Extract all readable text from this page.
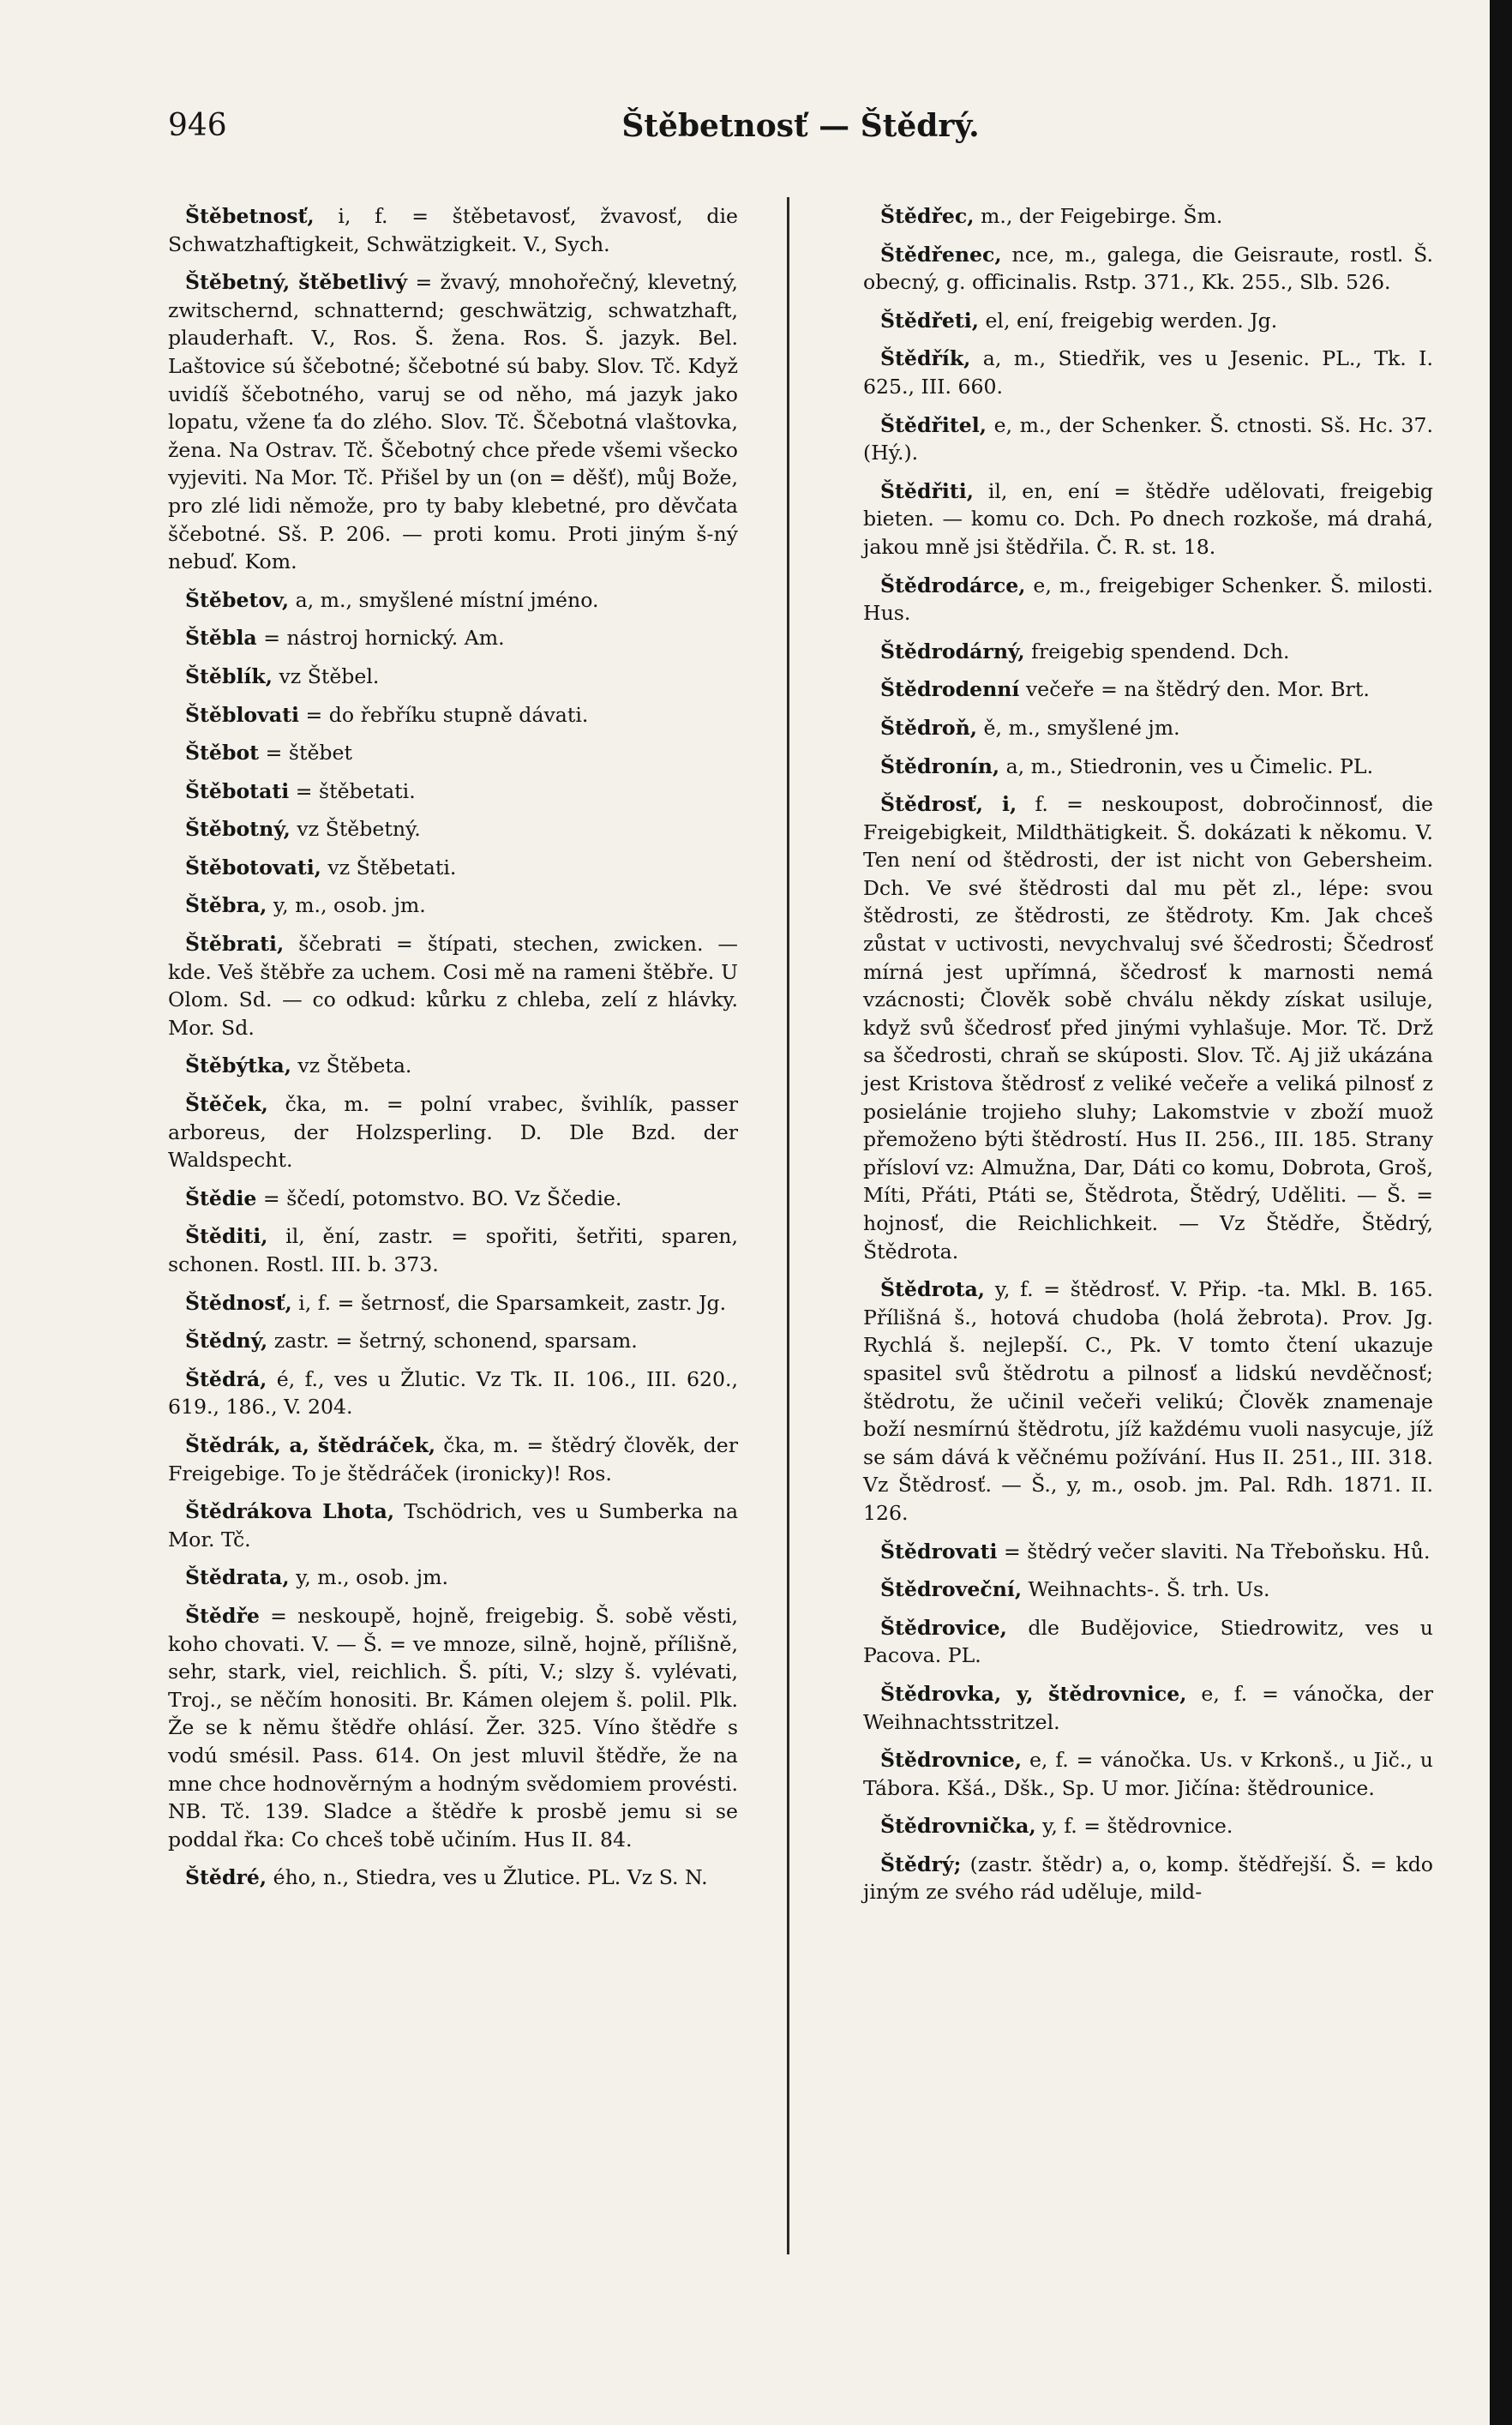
946	Štěbetnosť — Štědrý.

Štěbetnosť, i, f. = štěbetavosť, žvavosť, die Schwatzhaftigkeit, Schwätzigkeit. V., Sych.

Štěbetný, štěbetlivý = žvavý, mnohořečný, klevetný, zwitschernd, schnatternd; geschwätzig, schwatzhaft, plauderhaft. V., Ros. Š. žena. Ros. Š. jazyk. Bel. Laštovice sú ščebotné; ščebotné sú baby. Slov. Tč. Když uvidíš ščebotného, varuj se od něho, má jazyk jako lopatu, vžene ťa do zlého. Slov. Tč. Ščebotná vlaštovka, žena. Na Ostrav. Tč. Ščebotný chce přede všemi všecko vyjeviti. Na Mor. Tč. Přišel by un (on = děšť), můj Bože, pro zlé lidi němože, pro ty baby klebetné, pro děvčata ščebotné. Sš. P. 206. — proti komu. Proti jiným š-ný nebuď. Kom.

Štěbetov, a, m., smyšlené místní jméno.

Štěbla = nástroj hornický. Am.

Štěblík, vz Štěbel.

Štěblovati = do řebříku stupně dávati.

Štěbot = štěbet

Štěbotati = štěbetati.

Štěbotný, vz Štěbetný.

Štěbotovati, vz Štěbetati.

Štěbra, y, m., osob. jm.

Štěbrati, ščebrati = štípati, stechen, zwicken. — kde. Veš štěbře za uchem. Cosi mě na rameni štěbře. U Olom. Sd. — co odkud: kůrku z chleba, zelí z hlávky. Mor. Sd.

Štěbýtka, vz Štěbeta.

Štěček, čka, m. = polní vrabec, švihlík, passer arboreus, der Holzsperling. D. Dle Bzd. der Waldspecht.

Štědie = ščedí, potomstvo. BO. Vz Ščedie.

Štěditi, il, ění, zastr. = spořiti, šetřiti, sparen, schonen. Rostl. III. b. 373.

Štědnosť, i, f. = šetrnosť, die Sparsamkeit, zastr. Jg.

Štědný, zastr. = šetrný, schonend, sparsam.

Štědrá, é, f., ves u Žlutic. Vz Tk. II. 106., III. 620., 619., 186., V. 204.

Štědrák, a, štědráček, čka, m. = štědrý člověk, der Freigebige. To je štědráček (ironicky)! Ros.

Štědrákova Lhota, Tschödrich, ves u Sumberka na Mor. Tč.

Štědrata, y, m., osob. jm.

Štědře = neskoupě, hojně, freigebig. Š. sobě věsti, koho chovati. V. — Š. = ve mnoze, silně, hojně, přílišně, sehr, stark, viel, reichlich. Š. píti, V.; slzy š. vylévati, Troj., se něčím honositi. Br. Kámen olejem š. polil. Plk. Že se k němu štědře ohlásí. Žer. 325. Víno štědře s vodú smésil. Pass. 614. On jest mluvil štědře, že na mne chce hodnověrným a hodným svědomiem provésti. NB. Tč. 139. Sladce a štědře k prosbě jemu si se poddal řka: Co chceš tobě učiním. Hus II. 84.

Štědré, ého, n., Stiedra, ves u Žlutice. PL. Vz S. N.

Štědřec, m., der Feigebirge. Šm.

Štědřenec, nce, m., galega, die Geisraute, rostl. Š. obecný, g. officinalis. Rstp. 371., Kk. 255., Slb. 526.

Štědřeti, el, ení, freigebig werden. Jg.

Štědřík, a, m., Stiedřik, ves u Jesenic. PL., Tk. I. 625., III. 660.

Štědřitel, e, m., der Schenker. Š. ctnosti. Sš. Hc. 37. (Hý.).

Štědřiti, il, en, ení = štědře udělovati, freigebig bieten. — komu co. Dch. Po dnech rozkoše, má drahá, jakou mně jsi štědřila. Č. R. st. 18.

Štědrodárce, e, m., freigebiger Schenker. Š. milosti. Hus.

Štědrodárný, freigebig spendend. Dch.

Štědrodenní večeře = na štědrý den. Mor. Brt.

Štědroň, ě, m., smyšlené jm.

Štědronín, a, m., Stiedronin, ves u Čimelic. PL.

Štědrosť, i, f. = neskoupost, dobročinnosť, die Freigebigkeit, Mildthätigkeit. Š. dokázati k někomu. V. Ten není od štědrosti, der ist nicht von Gebersheim. Dch. Ve své štědrosti dal mu pět zl., lépe: svou štědrosti, ze štědrosti, ze štědroty. Km. Jak chceš zůstat v uctivosti, nevychvaluj své ščedrosti; Ščedrosť mírná jest upřímná, ščedrosť k marnosti nemá vzácnosti; Člověk sobě chválu někdy získat usiluje, když svů ščedrosť před jinými vyhlašuje. Mor. Tč. Drž sa ščedrosti, chraň se skúposti. Slov. Tč. Aj již ukázána jest Kristova štědrosť z veliké večeře a veliká pilnosť z posielánie trojieho sluhy; Lakomstvie v zboží muož přemoženo býti štědrostí. Hus II. 256., III. 185. Strany přísloví vz: Almužna, Dar, Dáti co komu, Dobrota, Groš, Míti, Přáti, Ptáti se, Štědrota, Štědrý, Uděliti. — Š. = hojnosť, die Reichlichkeit. — Vz Štědře, Štědrý, Štědrota.

Štědrota, y, f. = štědrosť. V. Přip. -ta. Mkl. B. 165. Přílišná š., hotová chudoba (holá žebrota). Prov. Jg. Rychlá š. nejlepší. C., Pk. V tomto čtení ukazuje spasitel svů štědrotu a pilnosť a lidskú nevděčnosť; štědrotu, že učinil večeři velikú; Člověk znamenaje boží nesmírnú štědrotu, jíž každému vuoli nasycuje, jíž se sám dává k věčnému požívání. Hus II. 251., III. 318. Vz Štědrosť. — Š., y, m., osob. jm. Pal. Rdh. 1871. II. 126.

Štědrovati = štědrý večer slaviti. Na Třeboňsku. Hů.

Štědroveční, Weihnachts-. Š. trh. Us.

Štědrovice, dle Budějovice, Stiedrowitz, ves u Pacova. PL.

Štědrovka, y, štědrovnice, e, f. = vánočka, der Weihnachtsstritzel.

Štědrovnice, e, f. = vánočka. Us. v Krkonš., u Jič., u Tábora. Kšá., Dšk., Sp. U mor. Jičína: štědrounice.

Štědrovnička, y, f. = štědrovnice.

Štědrý; (zastr. štědr) a, o, komp. štědřejší. Š. = kdo jiným ze svého rád uděluje, mild-
